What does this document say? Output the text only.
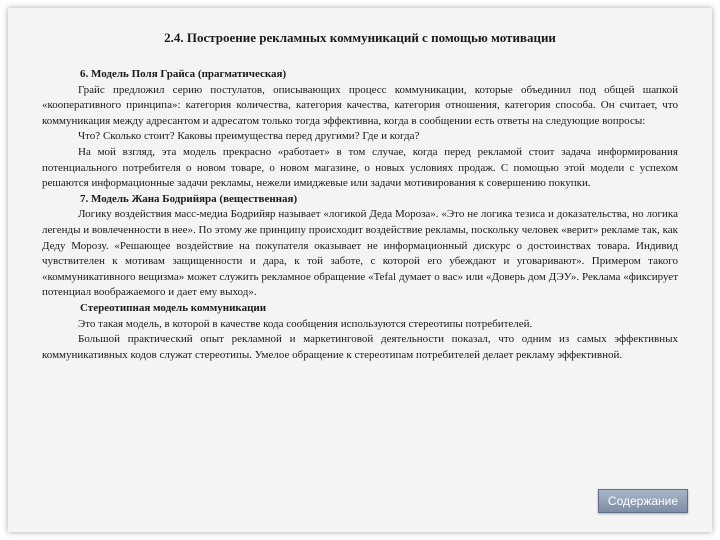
2.4. Построение рекламных коммуникаций с помощью мотивации

6. Модель Поля Грайса (прагматическая)

Грайс предложил серию постулатов, описывающих процесс коммуникации, которые объединил под общей шапкой «кооперативного принципа»: категория количества, категория качества, категория отношения, категория способа. Он считает, что коммуникация между адресантом и адресатом только тогда эффективна, когда в сообщении есть ответы на следующие вопросы:

Что? Сколько стоит? Каковы преимущества перед другими? Где и когда?

На мой взгляд, эта модель прекрасно «работает» в том случае, когда перед рекламой стоит задача информирования потенциального потребителя о новом товаре, о новом магазине, о новых условиях продаж. С помощью этой модели с успехом решаются информационные задачи рекламы, нежели имиджевые или задачи мотивирования к совершению покупки.

7. Модель Жана Бодрийяра (вещественная)

Логику воздействия масс-медиа Бодрийяр называет «логикой Деда Мороза». «Это не логика тезиса и доказательства, но логика легенды и вовлеченности в нее». По этому же принципу происходит воздействие рекламы, поскольку человек «верит» рекламе так, как Деду Морозу. «Решающее воздействие на покупателя оказывает не информационный дискурс о достоинствах товара. Индивид чувствителен к мотивам защищенности и дара, к той заботе, с которой его убеждают и уговаривают». Примером такого «коммуникативного вещизма» может служить рекламное обращение «Tefal думает о вас» или «Доверь дом ДЭУ». Реклама «фиксирует потенциал воображаемого и дает ему выход».

Стереотипная модель коммуникации

Это такая модель, в которой в качестве кода сообщения используются стереотипы потребителей.

Большой практический опыт рекламной и маркетинговой деятельности показал, что одним из самых эффективных коммуникативных кодов служат стереотипы. Умелое обращение к стереотипам потребителей делает рекламу эффективной.

Содержание
